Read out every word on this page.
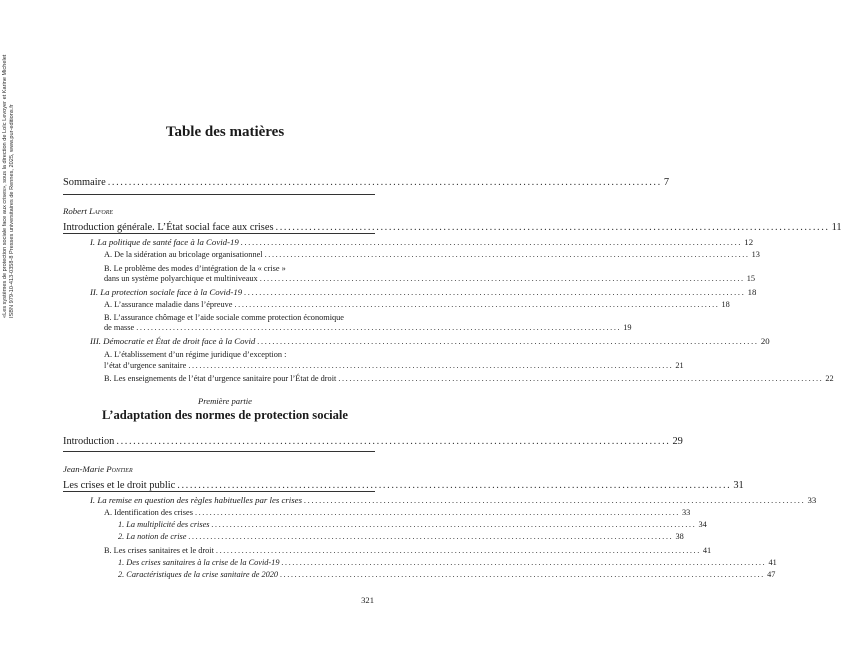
«Les systèmes de protection sociale face aux crises», sous la direction de Loïc Levoyer et Karine Michelet ISBN 979-10-413-0358-8 Presses universitaires de Rennes, 2025, www.pur-editions.fr	Table des matières
Sommaire .................................................................................................................................... 7
Robert Lafore
Introduction générale. L’État social face aux crises .................................................................................................................................... 11
I. La politique de santé face à la Covid-19 .................................................................................................................................... 12
A. De la sidération au bricolage organisationnel .................................................................................................................................... 13
B. Le problème des modes d’intégration de la « crise »
dans un système polyarchique et multiniveaux .................................................................................................................................... 15
II. La protection sociale face à la Covid-19 .................................................................................................................................... 18
A. L’assurance maladie dans l’épreuve .................................................................................................................................... 18
B. L’assurance chômage et l’aide sociale comme protection économique
de masse .................................................................................................................................... 19
III. Démocratie et État de droit face à la Covid .................................................................................................................................... 20
A. L’établissement d’un régime juridique d’exception :
l’état d’urgence sanitaire .................................................................................................................................... 21
B. Les enseignements de l’état d’urgence sanitaire pour l’État de droit .................................................................................................................................... 22
Première partie
L’adaptation des normes de protection sociale
Introduction .................................................................................................................................... 29
Jean-Marie Pontier
Les crises et le droit public .................................................................................................................................... 31
I. La remise en question des règles habituelles par les crises .................................................................................................................................... 33
A. Identification des crises .................................................................................................................................... 33
1. La multiplicité des crises .................................................................................................................................... 34
2. La notion de crise .................................................................................................................................... 38
B. Les crises sanitaires et le droit .................................................................................................................................... 41
1. Des crises sanitaires à la crise de la Covid-19 .................................................................................................................................... 41
2. Caractéristiques de la crise sanitaire de 2020 .................................................................................................................................... 47
321
